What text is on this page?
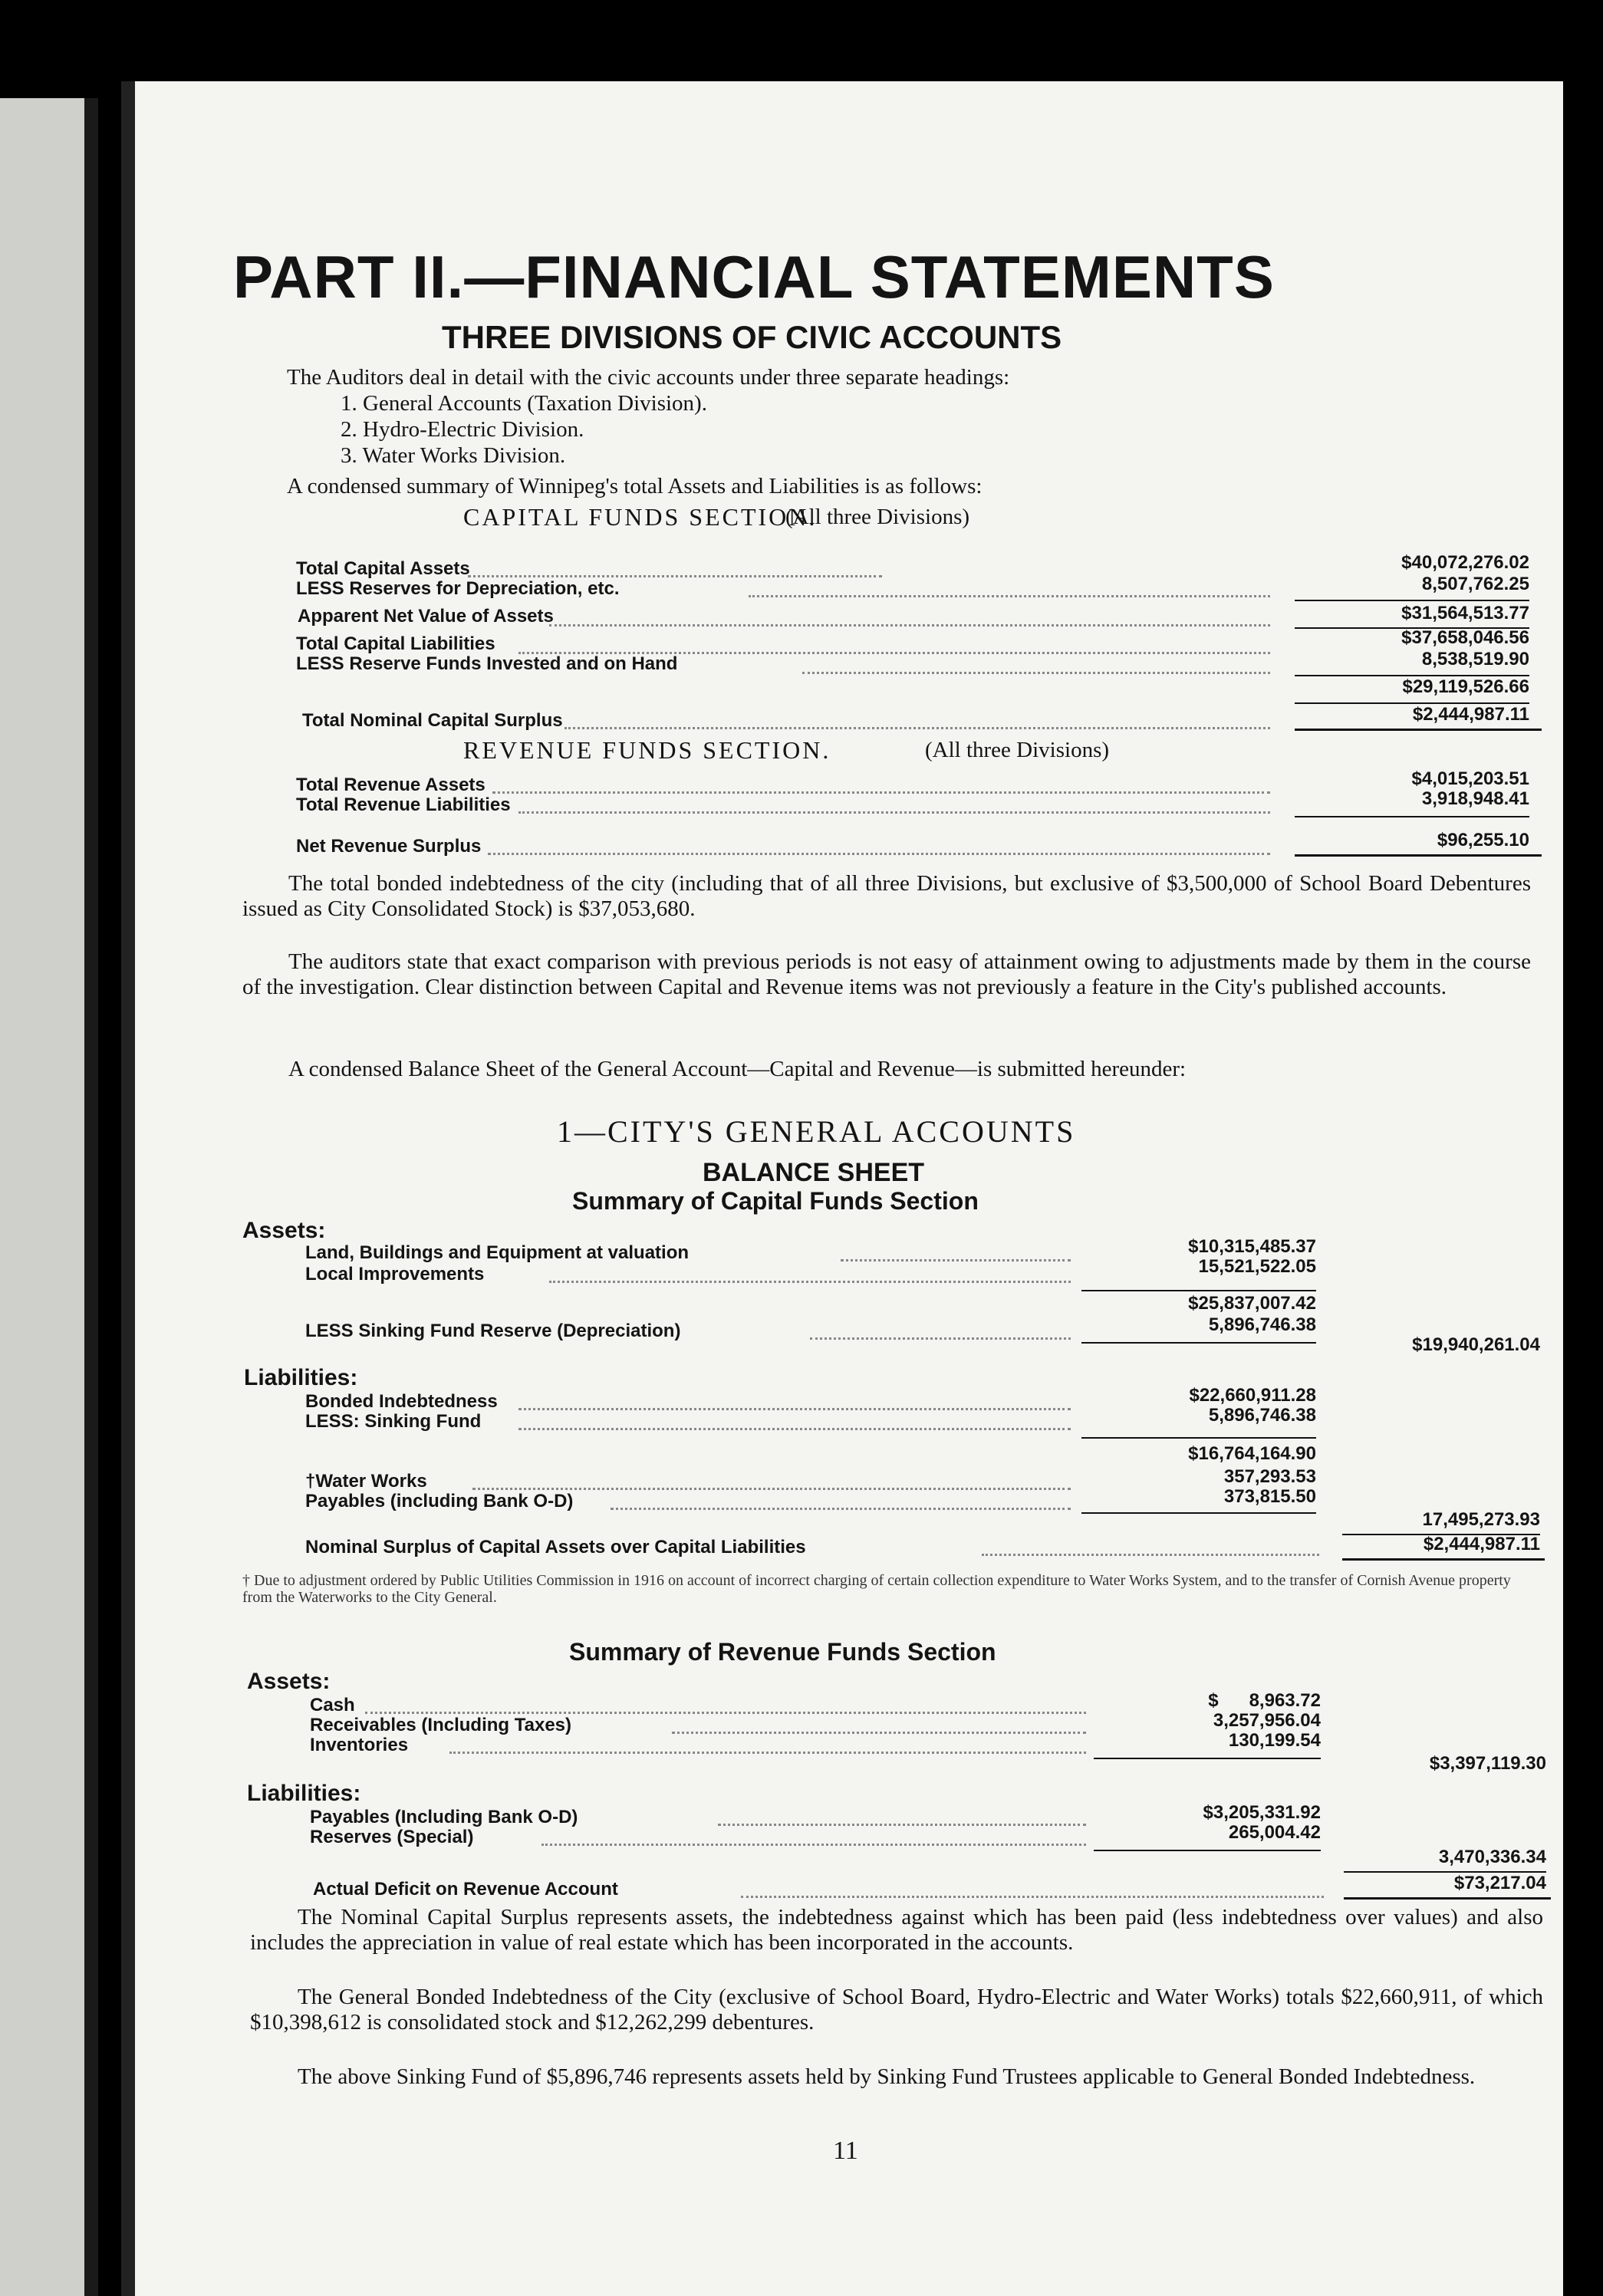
PART II.—FINANCIAL STATEMENTS
THREE DIVISIONS OF CIVIC ACCOUNTS
The Auditors deal in detail with the civic accounts under three separate headings:
1. General Accounts (Taxation Division).
2. Hydro-Electric Division.
3. Water Works Division.
A condensed summary of Winnipeg's total Assets and Liabilities is as follows:
CAPITAL FUNDS SECTION.
(All three Divisions)
Total Capital Assets	$40,072,276.02
LESS Reserves for Depreciation, etc.	8,507,762.25
Apparent Net Value of Assets	$31,564,513.77
Total Capital Liabilities	$37,658,046.56
LESS Reserve Funds Invested and on Hand	8,538,519.90
$29,119,526.66
Total Nominal Capital Surplus	$2,444,987.11
REVENUE FUNDS SECTION.	(All three Divisions)
Total Revenue Assets	$4,015,203.51
Total Revenue Liabilities	3,918,948.41
Net Revenue Surplus	$96,255.10
The total bonded indebtedness of the city (including that of all three Divisions, but exclusive of $3,500,000 of School Board Debentures issued as City Consolidated Stock) is $37,053,680.
The auditors state that exact comparison with previous periods is not easy of attainment owing to adjustments made by them in the course of the investigation. Clear distinction between Capital and Revenue items was not previously a feature in the City's published accounts.
A condensed Balance Sheet of the General Account—Capital and Revenue—is submitted hereunder:
1—CITY'S GENERAL ACCOUNTS
BALANCE SHEET
Summary of Capital Funds Section
Assets:
Land, Buildings and Equipment at valuation	$10,315,485.37
Local Improvements	15,521,522.05
$25,837,007.42
LESS Sinking Fund Reserve (Depreciation)	5,896,746.38
$19,940,261.04
Liabilities:
Bonded Indebtedness	$22,660,911.28
LESS: Sinking Fund	5,896,746.38
$16,764,164.90
†Water Works	357,293.53
Payables (including Bank O-D)	373,815.50
17,495,273.93
Nominal Surplus of Capital Assets over Capital Liabilities	$2,444,987.11
† Due to adjustment ordered by Public Utilities Commission in 1916 on account of incorrect charging of certain collection expenditure to Water Works System, and to the transfer of Cornish Avenue property from the Waterworks to the City General.
Summary of Revenue Funds Section
Assets:
Cash	$      8,963.72
Receivables (Including Taxes)	3,257,956.04
Inventories	130,199.54
$3,397,119.30
Liabilities:
Payables (Including Bank O-D)	$3,205,331.92
Reserves (Special)	265,004.42
3,470,336.34
Actual Deficit on Revenue Account	$73,217.04
The Nominal Capital Surplus represents assets, the indebtedness against which has been paid (less indebtedness over values) and also includes the appreciation in value of real estate which has been incorporated in the accounts.
The General Bonded Indebtedness of the City (exclusive of School Board, Hydro-Electric and Water Works) totals $22,660,911, of which $10,398,612 is consolidated stock and $12,262,299 debentures.
The above Sinking Fund of $5,896,746 represents assets held by Sinking Fund Trustees applicable to General Bonded Indebtedness.
11
